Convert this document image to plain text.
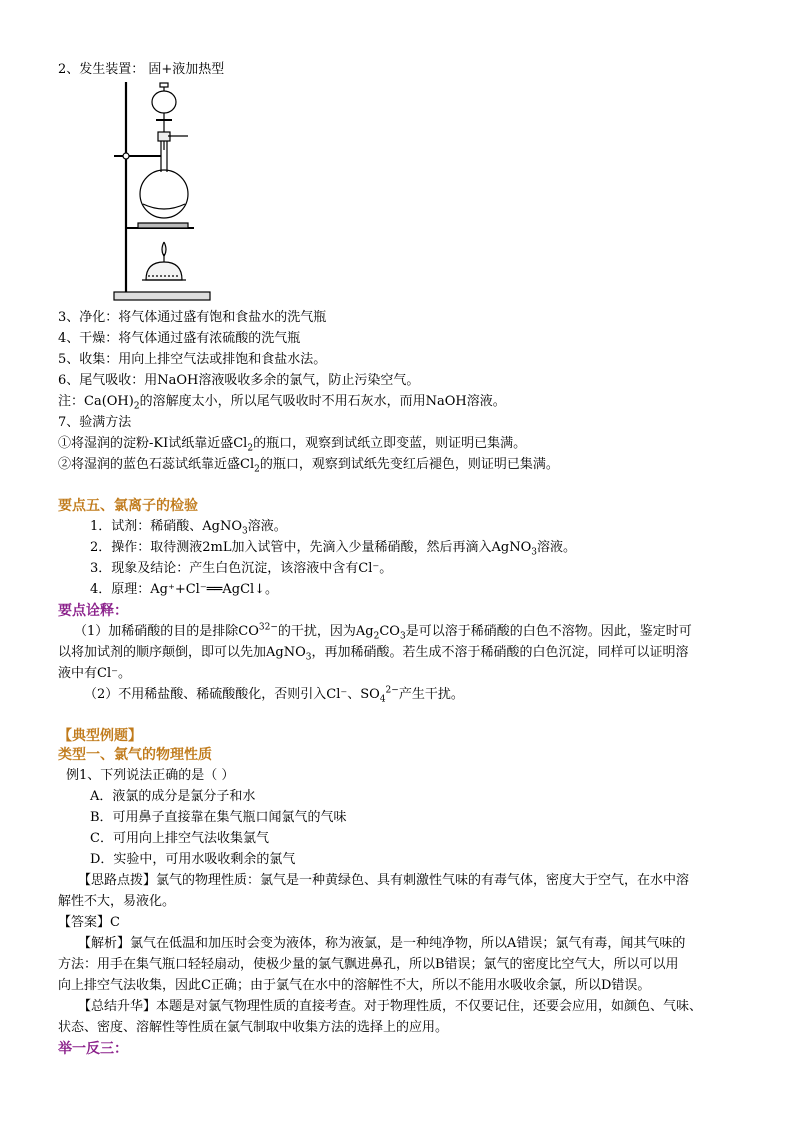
2、发生装置： 固+液加热型
3、净化：将气体通过盛有饱和食盐水的洗气瓶
4、干燥：将气体通过盛有浓硫酸的洗气瓶
5、收集：用向上排空气法或排饱和食盐水法。
6、尾气吸收：用NaOH溶液吸收多余的氯气，防止污染空气。
注：$Ca(OH)_2$的溶解度太小，所以尾气吸收时不用石灰水，而用NaOH溶液。
7、验满方法
①将湿润的淀粉-KI试纸靠近盛$Cl_2$的瓶口，观察到试纸立即变蓝，则证明已集满。
②将湿润的蓝色石蕊试纸靠近盛$Cl_2$的瓶口，观察到试纸先变红后褪色，则证明已集满。
要点五、氯离子的检验
1．试剂：稀硝酸、AgNO$_3$溶液。
2．操作：取待测液2mL加入试管中，先滴入少量稀硝酸，然后再滴入AgNO$_3$溶液。
3．现象及结论：产生白色沉淀，该溶液中含有Cl⁻。
4．原理：Ag⁺+Cl⁻══AgCl↓。
要点诠释：
（1）加稀硝酸的目的是排除$CO^{32-}$的干扰，因为$Ag_2CO_3$是可以溶于稀硝酸的白色不溶物。因此，鉴定时可
以将加试剂的顺序颠倒，即可以先加AgNO$_3$，再加稀硝酸。若生成不溶于稀硝酸的白色沉淀，同样可以证明溶
液中有Cl⁻。
（2）不用稀盐酸、稀硫酸酸化，否则引入Cl⁻、$SO_4^{2-}$产生干扰。
【典型例题】
类型一、氯气的物理性质
例1、下列说法正确的是（ ）
A．液氯的成分是氯分子和水
B．可用鼻子直接靠在集气瓶口闻氯气的气味
C．可用向上排空气法收集氯气
D．实验中，可用水吸收剩余的氯气
【思路点拨】氯气的物理性质：氯气是一种黄绿色、具有刺激性气味的有毒气体，密度大于空气，在水中溶
解性不大，易液化。
【答案】C
【解析】氯气在低温和加压时会变为液体，称为液氯，是一种纯净物，所以A错误；氯气有毒，闻其气味的
方法：用手在集气瓶口轻轻扇动，使极少量的氯气飘进鼻孔，所以B错误；氯气的密度比空气大，所以可以用
向上排空气法收集，因此C正确；由于氯气在水中的溶解性不大，所以不能用水吸收余氯，所以D错误。
【总结升华】本题是对氯气物理性质的直接考查。对于物理性质，不仅要记住，还要会应用，如颜色、气味、
状态、密度、溶解性等性质在氯气制取中收集方法的选择上的应用。
举一反三：
